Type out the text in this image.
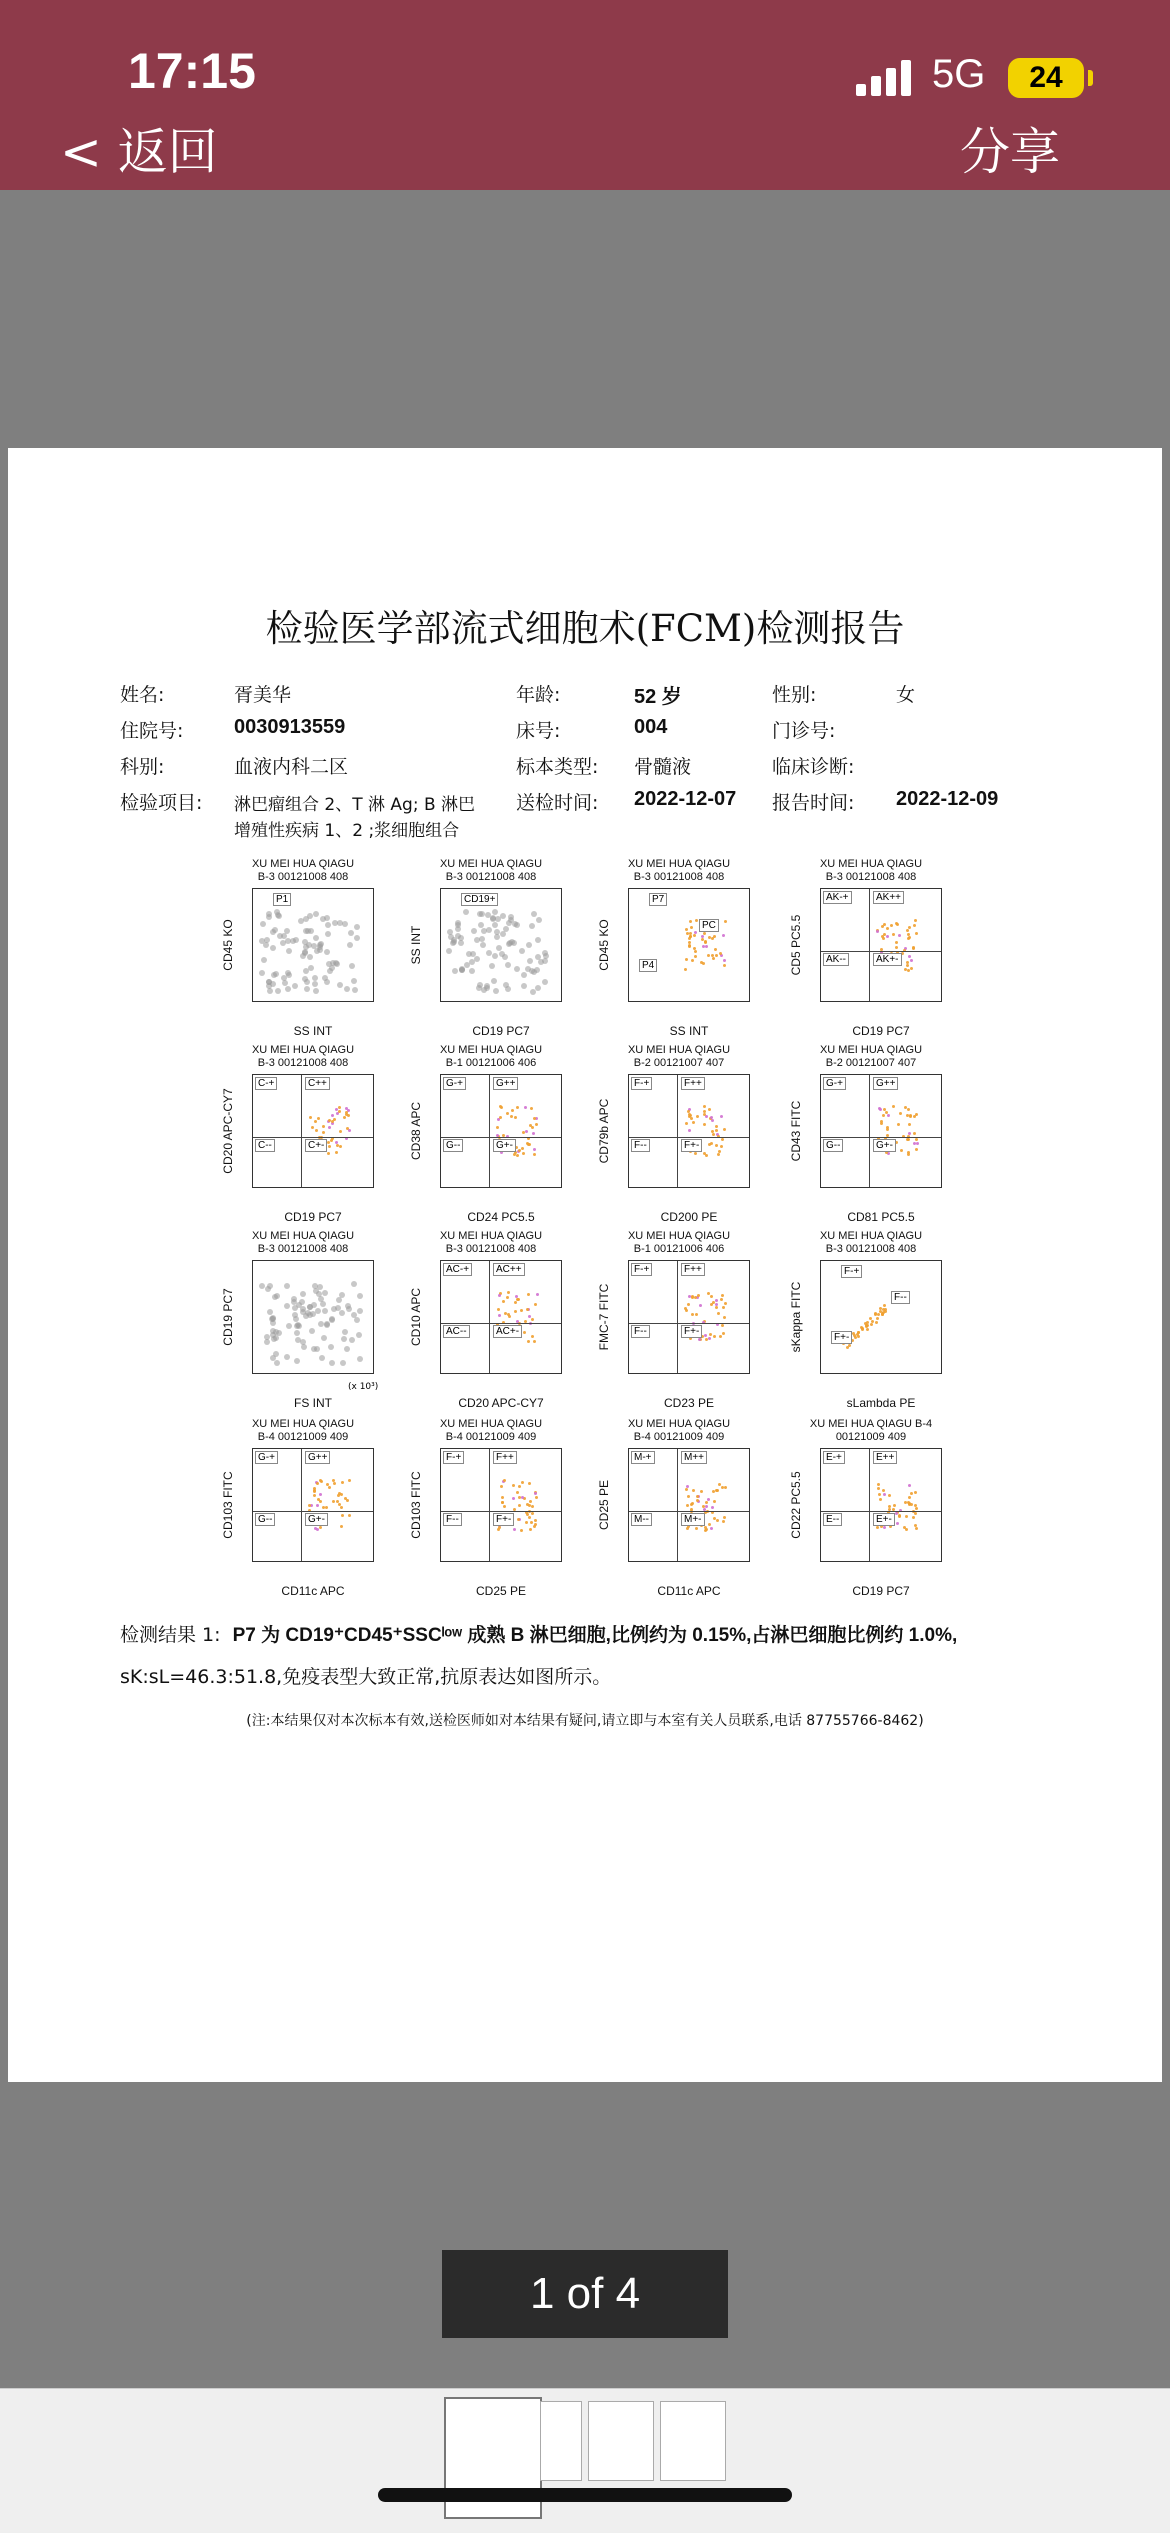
17:15	5G	24
< 返回	分享
检验医学部流式细胞术(FCM)检测报告
姓名:	胥美华	年龄:	52 岁	性别:	女
住院号:	0030913559	床号:	004	门诊号:
科别:	血液内科二区	标本类型: 骨髓液	临床诊断:
检验项目: 淋巴瘤组合 2、T 淋 Ag; B 淋巴
增殖性疾病 1、2 ;浆细胞组合
送检时间: 2022-12-07 报告时间: 2022-12-09
XU MEI HUA QIAGU
B-3 00121008 408
P1
CD45 KO
SS INT
XU MEI HUA QIAGU
B-3 00121008 408
CD19+
SS INT
CD19 PC7
XU MEI HUA QIAGU
B-3 00121008 408
P7
PC
P4
CD45 KO
SS INT
XU MEI HUA QIAGU
B-3 00121008 408
AK-+	AK++
AK--	AK+-
CD5 PC5.5
CD19 PC7
XU MEI HUA QIAGU
B-3 00121008 408
C-+	C++
C--	C+-
CD20 APC-CY7
CD19 PC7
XU MEI HUA QIAGU
B-1 00121006 406
G-+	G++
G--	G+-
CD38 APC
CD24 PC5.5
XU MEI HUA QIAGU
B-2 00121007 407
F-+	F++
F--	F+-
CD79b APC
CD200 PE
XU MEI HUA QIAGU
B-2 00121007 407
G-+	G++
G--	G+-
CD43 FITC
CD81 PC5.5
XU MEI HUA QIAGU
B-3 00121008 408
CD19 PC7
FS INT
(x 10³)
XU MEI HUA QIAGU
B-3 00121008 408
AC-+	AC++
AC--	AC+-
CD10 APC
CD20 APC-CY7
XU MEI HUA QIAGU
B-1 00121006 406
F-+	F++
F--	F+-
FMC-7 FITC
CD23 PE
XU MEI HUA QIAGU
B-3 00121008 408
F-+
F--
F+-
sKappa FITC
sLambda PE
XU MEI HUA QIAGU
B-4 00121009 409
G-+	G++
G--	G+-
CD103 FITC
CD11c APC
XU MEI HUA QIAGU
B-4 00121009 409
F-+	F++
F--	F+-
CD103 FITC
CD25 PE
XU MEI HUA QIAGU
B-4 00121009 409
M-+	M++
M--	M+-
CD25 PE
CD11c APC
XU MEI HUA QIAGU B-4
00121009 409
E-+	E++
E--	E+-
CD22 PC5.5
CD19 PC7
检测结果 1: P7 为 CD19⁺CD45⁺SSCˡᵒʷ 成熟 B 淋巴细胞,比例约为 0.15%,占淋巴细胞比例约 1.0%,
sK:sL=46.3:51.8,免疫表型大致正常,抗原表达如图所示。
(注:本结果仅对本次标本有效,送检医师如对本结果有疑问,请立即与本室有关人员联系,电话 87755766-8462)
1 of 4
